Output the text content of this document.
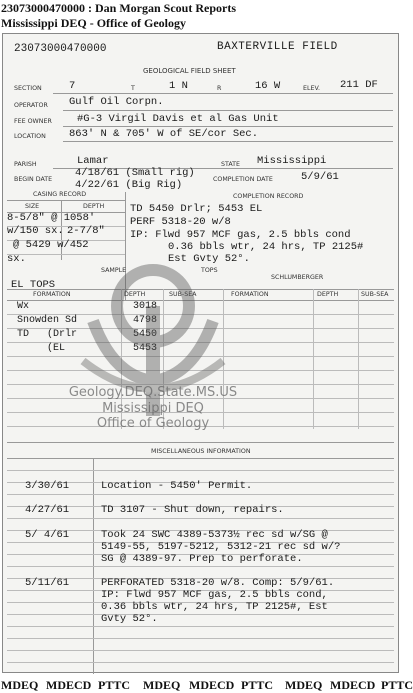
23073000470000 : Dan Morgan Scout Reports
Mississippi DEQ - Office of Geology
23073000470000	BAXTERVILLE FIELD
GEOLOGICAL FIELD SHEET
SECTION	7	T	1 N	R	16 W	ELEV. 211 DF
OPERATOR Gulf Oil Corpn.
FEE OWNER #G-3 Virgil Davis et al Gas Unit
LOCATION 863' N & 705' W of SE/cor Sec.
PARISH	Lamar	STATE Mississippi
BEGIN DATE
4/18/61 (Small rig)
4/22/61 (Big Rig)	COMPLETION DATE	5/9/61
CASING RECORD	COMPLETION RECORD
SIZE	DEPTH
8-5/8" @ 1058'
w/150 sx. 2-7/8"
@ 5429 w/452
sx.
TD 5450 Drlr; 5453 EL
PERF 5318-20 w/8
IP: Flwd 957 MCF gas, 2.5 bbls cond
0.36 bbls wtr, 24 hrs, TP 2125#
Est Gvty 52°.
SAMPLE	TOPS
SCHLUMBERGER
EL TOPS
FORMATION	DEPTH	SUB-SEA	FORMATION	DEPTH	SUB-SEA
Wx	3018
Snowden Sd	4798
TD   (Drlr	5450
(EL	5453
Geology.DEQ.State.MS.US
Mississippi DEQ
Office of Geology
MISCELLANEOUS INFORMATION
3/30/61	Location - 5450' Permit.
4/27/61	TD 3107 - Shut down, repairs.
5/ 4/61	Took 24 SWC 4389-5373½ rec sd w/SG @
5149-55, 5197-5212, 5312-21 rec sd w/?
SG @ 4389-97. Prep to perforate.
5/11/61	PERFORATED 5318-20 w/8. Comp: 5/9/61.
IP: Flwd 957 MCF gas, 2.5 bbls cond,
0.36 bbls wtr, 24 hrs, TP 2125#, Est
Gvty 52°.
MDEQ MDECD PTTC MDEQ MDECD PTTC MDEQ MDECD PTTC
